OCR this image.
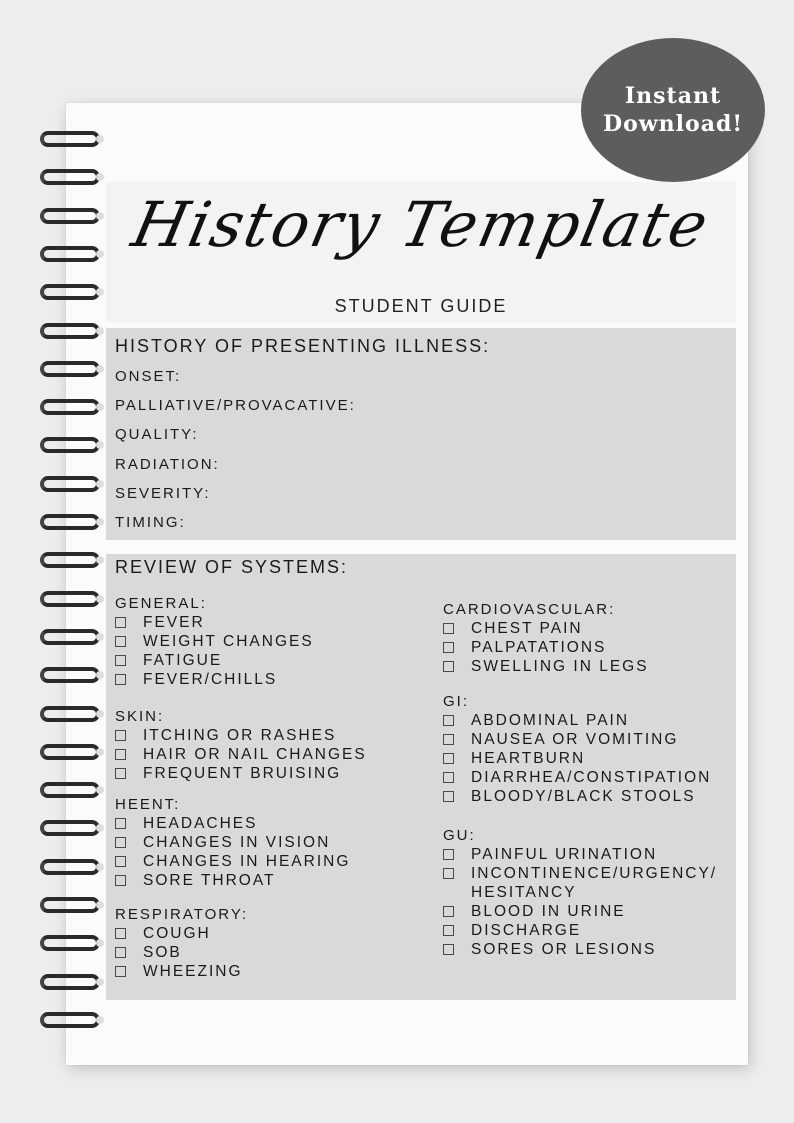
History Template
STUDENT GUIDE
Instant
Download!
HISTORY OF PRESENTING ILLNESS:
ONSET:
PALLIATIVE/PROVACATIVE:
QUALITY:
RADIATION:
SEVERITY:
TIMING:
REVIEW OF SYSTEMS:
GENERAL:
FEVER
WEIGHT CHANGES
FATIGUE
FEVER/CHILLS
SKIN:
ITCHING OR RASHES
HAIR OR NAIL CHANGES
FREQUENT BRUISING
HEENT:
HEADACHES
CHANGES IN VISION
CHANGES IN HEARING
SORE THROAT
RESPIRATORY:
COUGH
SOB
WHEEZING
CARDIOVASCULAR:
CHEST PAIN
PALPATATIONS
SWELLING IN LEGS
GI:
ABDOMINAL PAIN
NAUSEA OR VOMITING
HEARTBURN
DIARRHEA/CONSTIPATION
BLOODY/BLACK STOOLS
GU:
PAINFUL URINATION
INCONTINENCE/URGENCY/
HESITANCY
BLOOD IN URINE
DISCHARGE
SORES OR LESIONS
